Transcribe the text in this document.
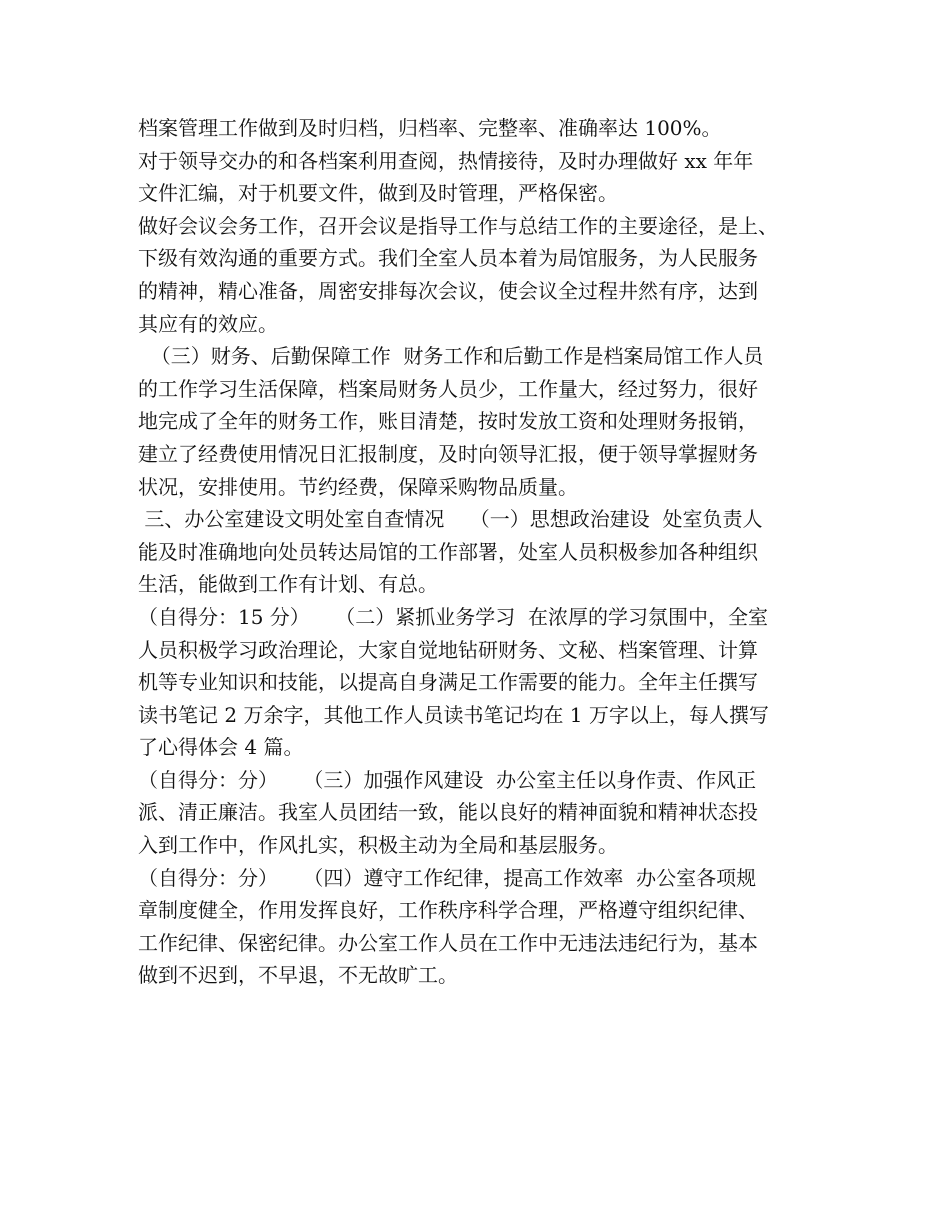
档案管理工作做到及时归档，归档率、完整率、准确率达 100%。
对于领导交办的和各档案利用查阅，热情接待，及时办理做好 xx 年年
文件汇编，对于机要文件，做到及时管理，严格保密。
做好会议会务工作，召开会议是指导工作与总结工作的主要途径，是上、
下级有效沟通的重要方式。我们全室人员本着为局馆服务，为人民服务
的精神，精心准备，周密安排每次会议，使会议全过程井然有序，达到
其应有的效应。
（三）财务、后勤保障工作  财务工作和后勤工作是档案局馆工作人员
的工作学习生活保障，档案局财务人员少，工作量大，经过努力，很好
地完成了全年的财务工作，账目清楚，按时发放工资和处理财务报销，
建立了经费使用情况日汇报制度，及时向领导汇报，便于领导掌握财务
状况，安排使用。节约经费，保障采购物品质量。
三、办公室建设文明处室自查情况    （一）思想政治建设  处室负责人
能及时准确地向处员转达局馆的工作部署，处室人员积极参加各种组织
生活，能做到工作有计划、有总。
（自得分：15 分）    （二）紧抓业务学习  在浓厚的学习氛围中，全室
人员积极学习政治理论，大家自觉地钻研财务、文秘、档案管理、计算
机等专业知识和技能，以提高自身满足工作需要的能力。全年主任撰写
读书笔记 2 万余字，其他工作人员读书笔记均在 1 万字以上，每人撰写
了心得体会 4 篇。
（自得分：分）    （三）加强作风建设  办公室主任以身作责、作风正
派、清正廉洁。我室人员团结一致，能以良好的精神面貌和精神状态投
入到工作中，作风扎实，积极主动为全局和基层服务。
（自得分：分）    （四）遵守工作纪律，提高工作效率  办公室各项规
章制度健全，作用发挥良好，工作秩序科学合理，严格遵守组织纪律、
工作纪律、保密纪律。办公室工作人员在工作中无违法违纪行为，基本
做到不迟到，不早退，不无故旷工。
